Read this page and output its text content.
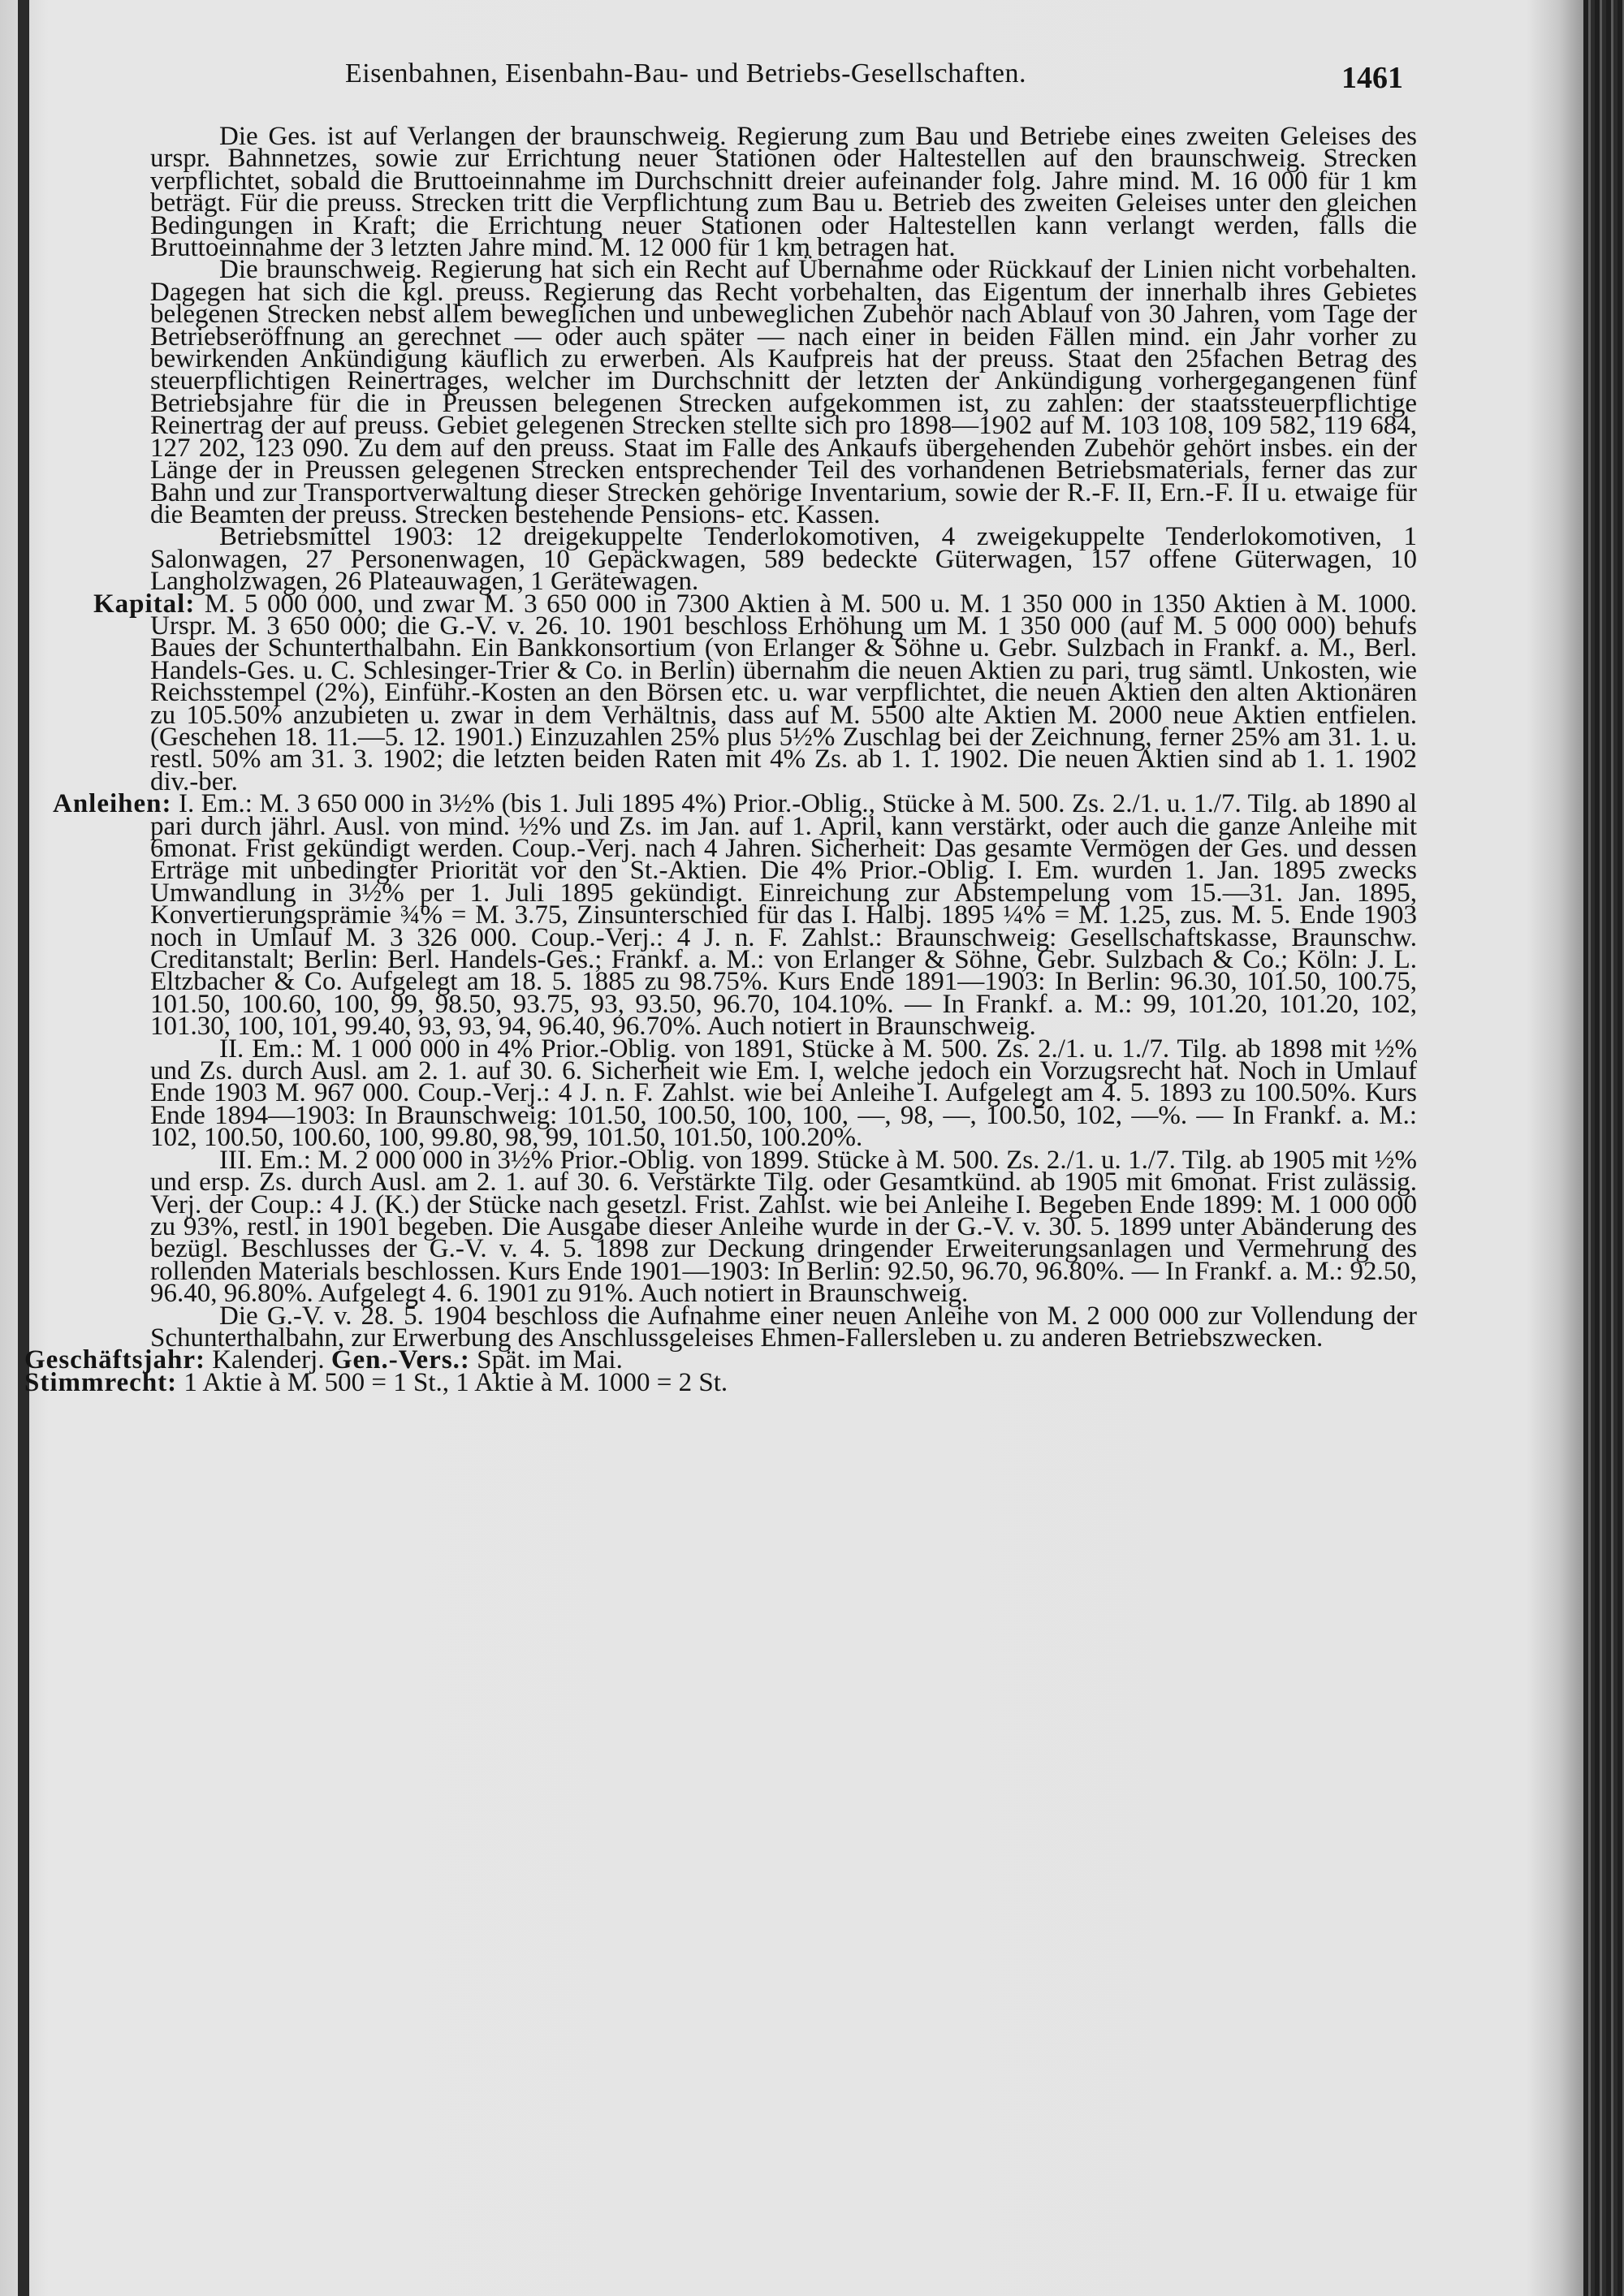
Eisenbahnen, Eisenbahn-Bau- und Betriebs-Gesellschaften.	1461

Die Ges. ist auf Verlangen der braunschweig. Regierung zum Bau und Betriebe eines zweiten Geleises des urspr. Bahnnetzes, sowie zur Errichtung neuer Stationen oder Haltestellen auf den braunschweig. Strecken verpflichtet, sobald die Bruttoeinnahme im Durchschnitt dreier aufeinander folg. Jahre mind. M. 16 000 für 1 km beträgt. Für die preuss. Strecken tritt die Verpflichtung zum Bau u. Betrieb des zweiten Geleises unter den gleichen Bedingungen in Kraft; die Errichtung neuer Stationen oder Haltestellen kann verlangt werden, falls die Bruttoeinnahme der 3 letzten Jahre mind. M. 12 000 für 1 km betragen hat.

Die braunschweig. Regierung hat sich ein Recht auf Übernahme oder Rückkauf der Linien nicht vorbehalten. Dagegen hat sich die kgl. preuss. Regierung das Recht vorbehalten, das Eigentum der innerhalb ihres Gebietes belegenen Strecken nebst allem beweglichen und unbeweglichen Zubehör nach Ablauf von 30 Jahren, vom Tage der Betriebseröffnung an gerechnet — oder auch später — nach einer in beiden Fällen mind. ein Jahr vorher zu bewirkenden Ankündigung käuflich zu erwerben. Als Kaufpreis hat der preuss. Staat den 25fachen Betrag des steuerpflichtigen Reinertrages, welcher im Durchschnitt der letzten der Ankündigung vorhergegangenen fünf Betriebsjahre für die in Preussen belegenen Strecken aufgekommen ist, zu zahlen: der staatssteuerpflichtige Reinertrag der auf preuss. Gebiet gelegenen Strecken stellte sich pro 1898—1902 auf M. 103 108, 109 582, 119 684, 127 202, 123 090. Zu dem auf den preuss. Staat im Falle des Ankaufs übergehenden Zubehör gehört insbes. ein der Länge der in Preussen gelegenen Strecken entsprechender Teil des vorhandenen Betriebsmaterials, ferner das zur Bahn und zur Transportverwaltung dieser Strecken gehörige Inventarium, sowie der R.-F. II, Ern.-F. II u. etwaige für die Beamten der preuss. Strecken bestehende Pensions- etc. Kassen.

Betriebsmittel 1903: 12 dreigekuppelte Tenderlokomotiven, 4 zweigekuppelte Tenderlokomotiven, 1 Salonwagen, 27 Personenwagen, 10 Gepäckwagen, 589 bedeckte Güterwagen, 157 offene Güterwagen, 10 Langholzwagen, 26 Plateauwagen, 1 Gerätewagen.

Kapital: M. 5 000 000, und zwar M. 3 650 000 in 7300 Aktien à M. 500 u. M. 1 350 000 in 1350 Aktien à M. 1000. Urspr. M. 3 650 000; die G.-V. v. 26. 10. 1901 beschloss Erhöhung um M. 1 350 000 (auf M. 5 000 000) behufs Baues der Schunterthalbahn. Ein Bankkonsortium (von Erlanger & Söhne u. Gebr. Sulzbach in Frankf. a. M., Berl. Handels-Ges. u. C. Schlesinger-Trier & Co. in Berlin) übernahm die neuen Aktien zu pari, trug sämtl. Unkosten, wie Reichsstempel (2%), Einführ.-Kosten an den Börsen etc. u. war verpflichtet, die neuen Aktien den alten Aktionären zu 105.50% anzubieten u. zwar in dem Verhältnis, dass auf M. 5500 alte Aktien M. 2000 neue Aktien entfielen. (Geschehen 18. 11.—5. 12. 1901.) Einzuzahlen 25% plus 5½% Zuschlag bei der Zeichnung, ferner 25% am 31. 1. u. restl. 50% am 31. 3. 1902; die letzten beiden Raten mit 4% Zs. ab 1. 1. 1902. Die neuen Aktien sind ab 1. 1. 1902 div.-ber.

Anleihen: I. Em.: M. 3 650 000 in 3½% (bis 1. Juli 1895 4%) Prior.-Oblig., Stücke à M. 500. Zs. 2./1. u. 1./7. Tilg. ab 1890 al pari durch jährl. Ausl. von mind. ½% und Zs. im Jan. auf 1. April, kann verstärkt, oder auch die ganze Anleihe mit 6monat. Frist gekündigt werden. Coup.-Verj. nach 4 Jahren. Sicherheit: Das gesamte Vermögen der Ges. und dessen Erträge mit unbedingter Priorität vor den St.-Aktien. Die 4% Prior.-Oblig. I. Em. wurden 1. Jan. 1895 zwecks Umwandlung in 3½% per 1. Juli 1895 gekündigt. Einreichung zur Abstempelung vom 15.—31. Jan. 1895, Konvertierungsprämie ¾% = M. 3.75, Zinsunterschied für das I. Halbj. 1895 ¼% = M. 1.25, zus. M. 5. Ende 1903 noch in Umlauf M. 3 326 000. Coup.-Verj.: 4 J. n. F. Zahlst.: Braunschweig: Gesellschaftskasse, Braunschw. Creditanstalt; Berlin: Berl. Handels-Ges.; Frankf. a. M.: von Erlanger & Söhne, Gebr. Sulzbach & Co.; Köln: J. L. Eltzbacher & Co. Aufgelegt am 18. 5. 1885 zu 98.75%. Kurs Ende 1891—1903: In Berlin: 96.30, 101.50, 100.75, 101.50, 100.60, 100, 99, 98.50, 93.75, 93, 93.50, 96.70, 104.10%. — In Frankf. a. M.: 99, 101.20, 101.20, 102, 101.30, 100, 101, 99.40, 93, 93, 94, 96.40, 96.70%. Auch notiert in Braunschweig.

II. Em.: M. 1 000 000 in 4% Prior.-Oblig. von 1891, Stücke à M. 500. Zs. 2./1. u. 1./7. Tilg. ab 1898 mit ½% und Zs. durch Ausl. am 2. 1. auf 30. 6. Sicherheit wie Em. I, welche jedoch ein Vorzugsrecht hat. Noch in Umlauf Ende 1903 M. 967 000. Coup.-Verj.: 4 J. n. F. Zahlst. wie bei Anleihe I. Aufgelegt am 4. 5. 1893 zu 100.50%. Kurs Ende 1894—1903: In Braunschweig: 101.50, 100.50, 100, 100, —, 98, —, 100.50, 102, —%. — In Frankf. a. M.: 102, 100.50, 100.60, 100, 99.80, 98, 99, 101.50, 101.50, 100.20%.

III. Em.: M. 2 000 000 in 3½% Prior.-Oblig. von 1899. Stücke à M. 500. Zs. 2./1. u. 1./7. Tilg. ab 1905 mit ½% und ersp. Zs. durch Ausl. am 2. 1. auf 30. 6. Verstärkte Tilg. oder Gesamtkünd. ab 1905 mit 6monat. Frist zulässig. Verj. der Coup.: 4 J. (K.) der Stücke nach gesetzl. Frist. Zahlst. wie bei Anleihe I. Begeben Ende 1899: M. 1 000 000 zu 93%, restl. in 1901 begeben. Die Ausgabe dieser Anleihe wurde in der G.-V. v. 30. 5. 1899 unter Abänderung des bezügl. Beschlusses der G.-V. v. 4. 5. 1898 zur Deckung dringender Erweiterungsanlagen und Vermehrung des rollenden Materials beschlossen. Kurs Ende 1901—1903: In Berlin: 92.50, 96.70, 96.80%. — In Frankf. a. M.: 92.50, 96.40, 96.80%. Aufgelegt 4. 6. 1901 zu 91%. Auch notiert in Braunschweig.

Die G.-V. v. 28. 5. 1904 beschloss die Aufnahme einer neuen Anleihe von M. 2 000 000 zur Vollendung der Schunterthalbahn, zur Erwerbung des Anschlussgeleises Ehmen-Fallersleben u. zu anderen Betriebszwecken.

Geschäftsjahr: Kalenderj. Gen.-Vers.: Spät. im Mai.

Stimmrecht: 1 Aktie à M. 500 = 1 St., 1 Aktie à M. 1000 = 2 St.
